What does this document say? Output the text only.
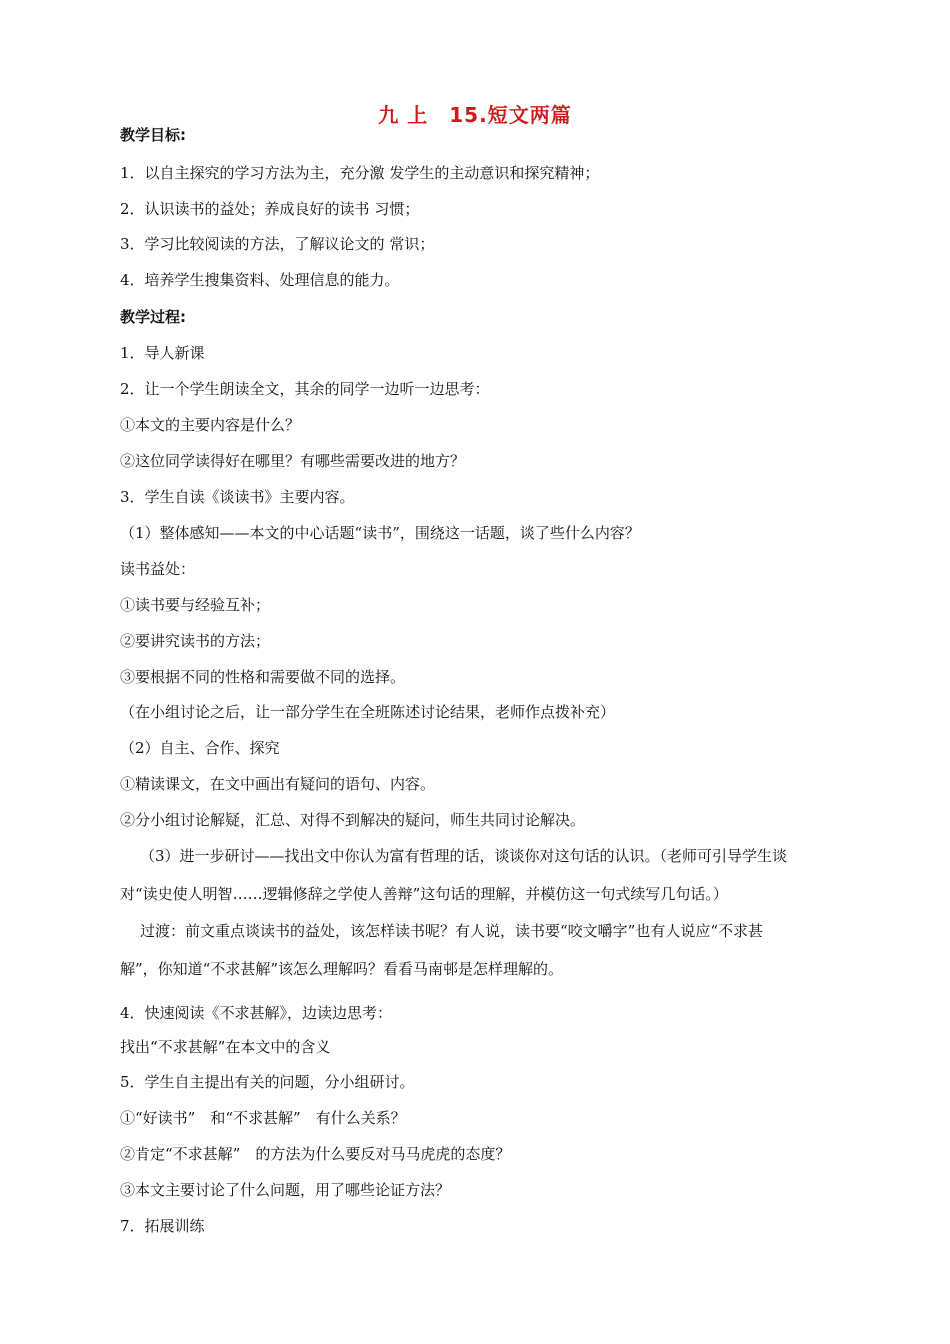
九 上　15.短文两篇
教学目标:
1．以自主探究的学习方法为主，充分激 发学生的主动意识和探究精神；
2．认识读书的益处；养成良好的读书 习惯；
3．学习比较阅读的方法，了解议论文的 常识；
4．培养学生搜集资料、处理信息的能力。
教学过程:
1．导人新课
2．让一个学生朗读全文，其余的同学一边听一边思考：
①本文的主要内容是什么？
②这位同学读得好在哪里？有哪些需要改进的地方？
3．学生自读《谈读书》主要内容。
（1）整体感知——本文的中心话题“读书”，围绕这一话题，谈了些什么内容？
读书益处：
①读书要与经验互补；
②要讲究读书的方法；
③要根据不同的性格和需要做不同的选择。
（在小组讨论之后，让一部分学生在全班陈述讨论结果，老师作点拨补充）
（2）自主、合作、探究
①精读课文，在文中画出有疑问的语句、内容。
②分小组讨论解疑，汇总、对得不到解决的疑问，师生共同讨论解决。
（3）进一步研讨——找出文中你认为富有哲理的话，谈谈你对这句话的认识。（老师可引导学生谈
对“读史使人明智……逻辑修辞之学使人善辩”这句话的理解，并模仿这一句式续写几句话。）
过渡：前文重点谈读书的益处，该怎样读书呢？有人说，读书要“咬文嚼字”也有人说应“不求甚
解”，你知道“不求甚解”该怎么理解吗？看看马南邨是怎样理解的。
4．快速阅读《不求甚解》，边读边思考：
找出“不求甚解”在本文中的含义
5．学生自主提出有关的问题，分小组研讨。
①“好读书”　和“不求甚解”　有什么关系？
②肯定“不求甚解”　的方法为什么要反对马马虎虎的态度？
③本文主要讨论了什么问题，用了哪些论证方法？
7．拓展训练
